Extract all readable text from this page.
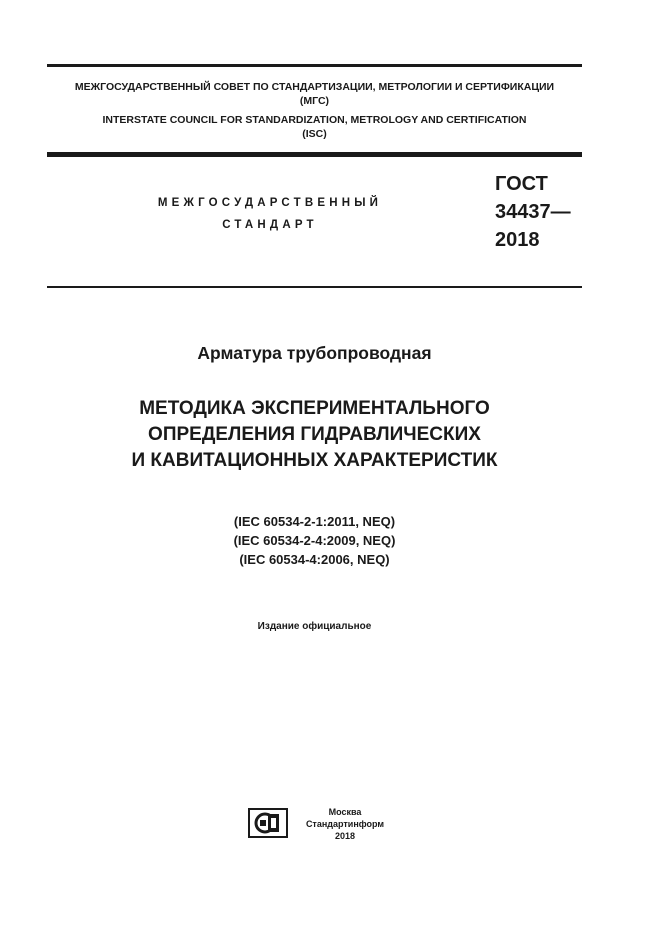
МЕЖГОСУДАРСТВЕННЫЙ СОВЕТ ПО СТАНДАРТИЗАЦИИ, МЕТРОЛОГИИ И СЕРТИФИКАЦИИ
(МГС)
INTERSTATE COUNCIL FOR STANDARDIZATION, METROLOGY AND CERTIFICATION
(ISC)
МЕЖГОСУДАРСТВЕННЫЙ
СТАНДАРТ
ГОСТ
34437—
2018
Арматура трубопроводная
МЕТОДИКА ЭКСПЕРИМЕНТАЛЬНОГО
ОПРЕДЕЛЕНИЯ ГИДРАВЛИЧЕСКИХ
И КАВИТАЦИОННЫХ ХАРАКТЕРИСТИК
(IEC 60534-2-1:2011, NEQ)
(IEC 60534-2-4:2009, NEQ)
(IEC 60534-4:2006, NEQ)
Издание официальное
Москва
Стандартинформ
2018
